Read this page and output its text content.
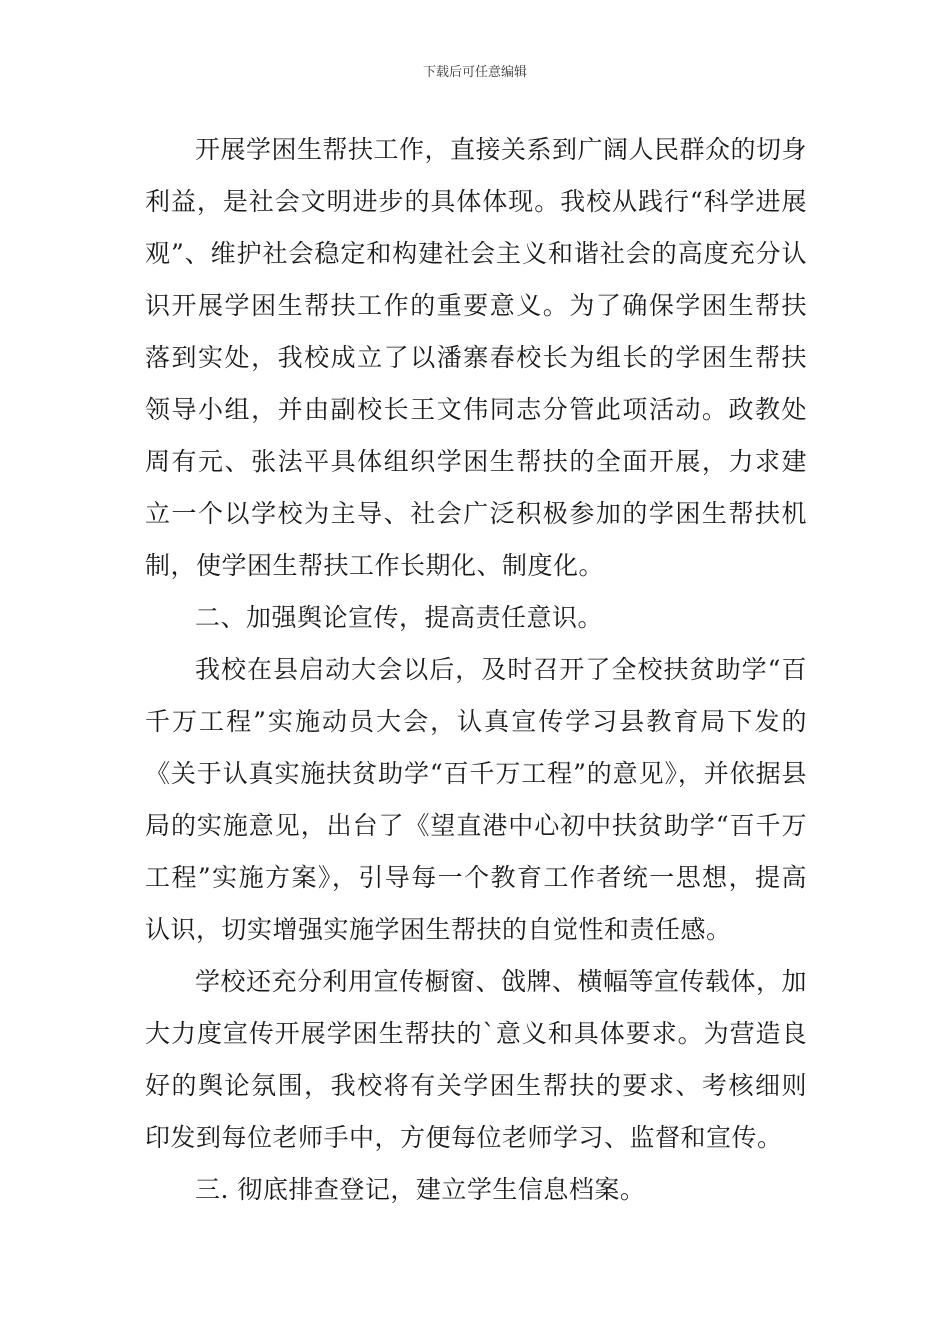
下载后可任意编辑

开展学困生帮扶工作，直接关系到广阔人民群众的切身利益，是社会文明进步的具体体现。我校从践行“科学进展观”、维护社会稳定和构建社会主义和谐社会的高度充分认识开展学困生帮扶工作的重要意义。为了确保学困生帮扶落到实处，我校成立了以潘寨春校长为组长的学困生帮扶领导小组，并由副校长王文伟同志分管此项活动。政教处周有元、张法平具体组织学困生帮扶的全面开展，力求建立一个以学校为主导、社会广泛积极参加的学困生帮扶机制，使学困生帮扶工作长期化、制度化。

二、加强舆论宣传，提高责任意识。

我校在县启动大会以后，及时召开了全校扶贫助学“百千万工程”实施动员大会，认真宣传学习县教育局下发的《关于认真实施扶贫助学“百千万工程”的意见》，并依据县局的实施意见，出台了《望直港中心初中扶贫助学“百千万工程”实施方案》，引导每一个教育工作者统一思想，提高认识，切实增强实施学困生帮扶的自觉性和责任感。

学校还充分利用宣传橱窗、戗牌、横幅等宣传载体，加大力度宣传开展学困生帮扶的`意义和具体要求。为营造良好的舆论氛围，我校将有关学困生帮扶的要求、考核细则印发到每位老师手中，方便每位老师学习、监督和宣传。

三. 彻底排查登记，建立学生信息档案。
